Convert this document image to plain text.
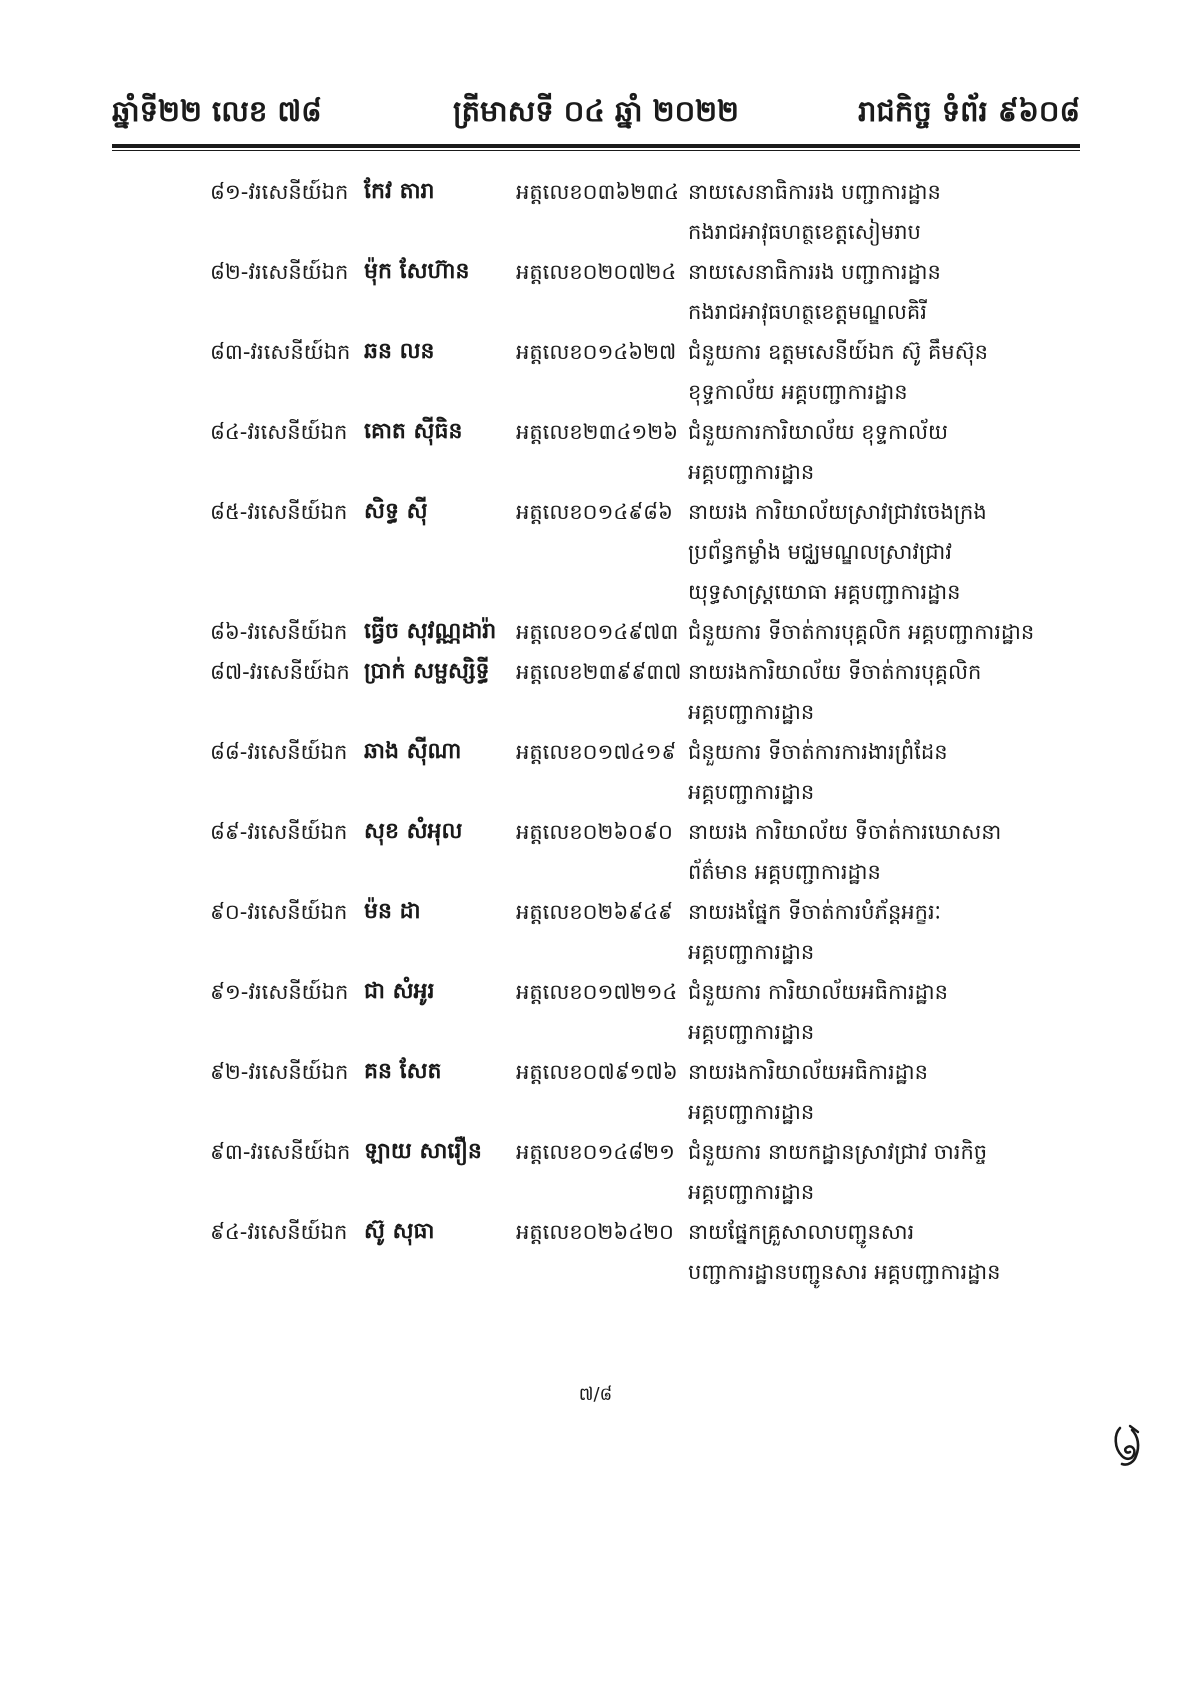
ឆ្នាំទី២២ លេខ ៧៨	ត្រីមាសទី ០៤ ឆ្នាំ ២០២២	រាជកិច្ច ទំព័រ ៩៦០៨
៨១-វរសេនីយ៍ឯក កែវ តារា	អត្តលេខ០៣៦២៣៤ នាយសេនាធិការរង បញ្ជាការដ្ឋាន
កងរាជអាវុធហត្ថខេត្តសៀមរាប
៨២-វរសេនីយ៍ឯក ម៉ុក សែហ៊ាន	អត្តលេខ០២០៧២៤ នាយសេនាធិការរង បញ្ជាការដ្ឋាន
កងរាជអាវុធហត្ថខេត្តមណ្ឌលគិរី
៨៣-វរសេនីយ៍ឯក ឆន លន	អត្តលេខ០១៤៦២៧ ជំនួយការ ឧត្តមសេនីយ៍ឯក ស៊ូ គឹមស៊ុន
ខុទ្ទកាល័យ អគ្គបញ្ជាការដ្ឋាន
៨៤-វរសេនីយ៍ឯក គោត ស៊ីធិន	អត្តលេខ២៣៤១២៦ ជំនួយការការិយាល័យ ខុទ្ទកាល័យ
អគ្គបញ្ជាការដ្ឋាន
៨៥-វរសេនីយ៍ឯក សិទ្ធ ស៊ី	អត្តលេខ០១៤៩៨៦ នាយរង ការិយាល័យស្រាវជ្រាវចេងក្រង
ប្រព័ន្ធកម្លាំង មជ្ឈមណ្ឌលស្រាវជ្រាវ
យុទ្ធសាស្ត្រយោធា អគ្គបញ្ជាការដ្ឋាន
៨៦-វរសេនីយ៍ឯក ធ្វើច សុវណ្ណដារ៉ា អត្តលេខ០១៤៩៧៣ ជំនួយការ ទីចាត់ការបុគ្គលិក អគ្គបញ្ជាការដ្ឋាន
៨៧-វរសេនីយ៍ឯក ប្រាក់ សម្ផស្សិទ្ធី	អត្តលេខ២៣៩៩៣៧ នាយរងការិយាល័យ ទីចាត់ការបុគ្គលិក
អគ្គបញ្ជាការដ្ឋាន
៨៨-វរសេនីយ៍ឯក ឆាង ស៊ីណា	អត្តលេខ០១៧៤១៩ ជំនួយការ ទីចាត់ការការងារព្រំដែន
អគ្គបញ្ជាការដ្ឋាន
៨៩-វរសេនីយ៍ឯក សុខ សំអុល	អត្តលេខ០២៦០៩០ នាយរង ការិយាល័យ ទីចាត់ការឃោសនា
ព័ត៌មាន អគ្គបញ្ជាការដ្ឋាន
៩០-វរសេនីយ៍ឯក ម៉ន ដា	អត្តលេខ០២៦៩៤៩ នាយរងផ្នែក ទីចាត់ការបំភ័ន្តអក្ខរៈ
អគ្គបញ្ជាការដ្ឋាន
៩១-វរសេនីយ៍ឯក ជា សំអូរ	អត្តលេខ០១៧២១៤ ជំនួយការ ការិយាល័យអធិការដ្ឋាន
អគ្គបញ្ជាការដ្ឋាន
៩២-វរសេនីយ៍ឯក គន សែត	អត្តលេខ០៧៩១៧៦ នាយរងការិយាល័យអធិការដ្ឋាន
អគ្គបញ្ជាការដ្ឋាន
៩៣-វរសេនីយ៍ឯក ឡាយ សារឿន	អត្តលេខ០១៤៨២១ ជំនួយការ នាយកដ្ឋានស្រាវជ្រាវ ចារកិច្ច
អគ្គបញ្ជាការដ្ឋាន
៩៤-វរសេនីយ៍ឯក ស៊ូ សុធា	អត្តលេខ០២៦៤២០ នាយផ្នែកគ្រួសាលាបញ្ជូនសារ
បញ្ជាការដ្ឋានបញ្ជូនសារ អគ្គបញ្ជាការដ្ឋាន
៧/៨
